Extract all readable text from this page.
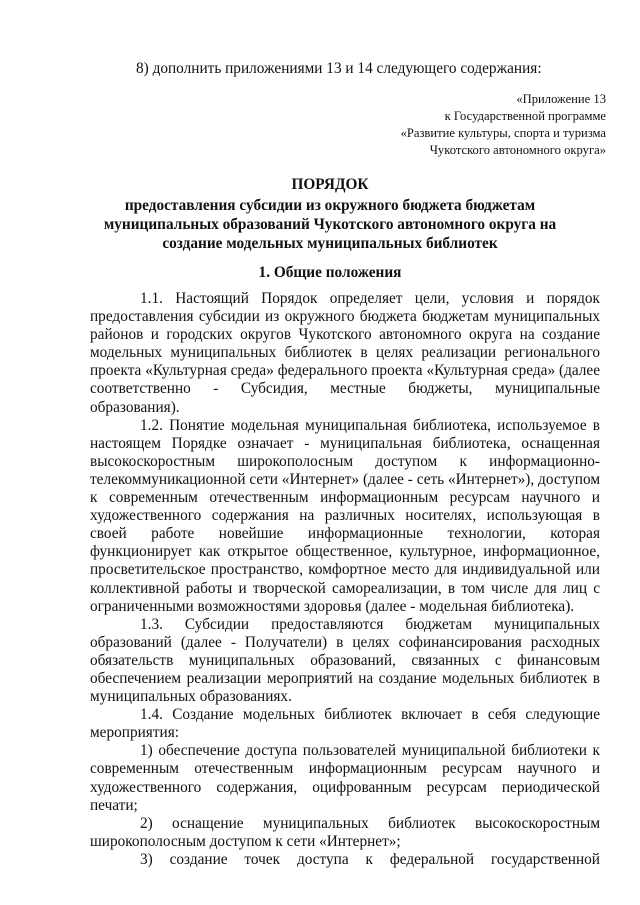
8) дополнить приложениями 13 и 14 следующего содержания:
«Приложение 13
к Государственной программе
«Развитие культуры, спорта и туризма
Чукотского автономного округа»
ПОРЯДОК
предоставления субсидии из окружного бюджета бюджетам
муниципальных образований Чукотского автономного округа на
создание модельных муниципальных библиотек
1. Общие положения

1.1. Настоящий Порядок определяет цели, условия и порядок предоставления субсидии из окружного бюджета бюджетам муниципальных районов и городских округов Чукотского автономного округа на создание модельных муниципальных библиотек в целях реализации регионального проекта «Культурная среда» федерального проекта «Культурная среда» (далее соответственно - Субсидия, местные бюджеты, муниципальные образования).

1.2. Понятие модельная муниципальная библиотека, используемое в настоящем Порядке означает - муниципальная библиотека, оснащенная высокоскоростным широкополосным доступом к информационно-телекоммуникационной сети «Интернет» (далее - сеть «Интернет»), доступом к современным отечественным информационным ресурсам научного и художественного содержания на различных носителях, использующая в своей работе новейшие информационные технологии, которая функционирует как открытое общественное, культурное, информационное, просветительское пространство, комфортное место для индивидуальной или коллективной работы и творческой самореализации, в том числе для лиц с ограниченными возможностями здоровья (далее - модельная библиотека).

1.3. Субсидии предоставляются бюджетам муниципальных образований (далее - Получатели) в целях софинансирования расходных обязательств муниципальных образований, связанных с финансовым обеспечением реализации мероприятий на создание модельных библиотек в муниципальных образованиях.

1.4. Создание модельных библиотек включает в себя следующие мероприятия:

1) обеспечение доступа пользователей муниципальной библиотеки к современным отечественным информационным ресурсам научного и художественного содержания, оцифрованным ресурсам периодической печати;

2) оснащение муниципальных библиотек высокоскоростным широкополосным доступом к сети «Интернет»;

3) создание точек доступа к федеральной государственной
